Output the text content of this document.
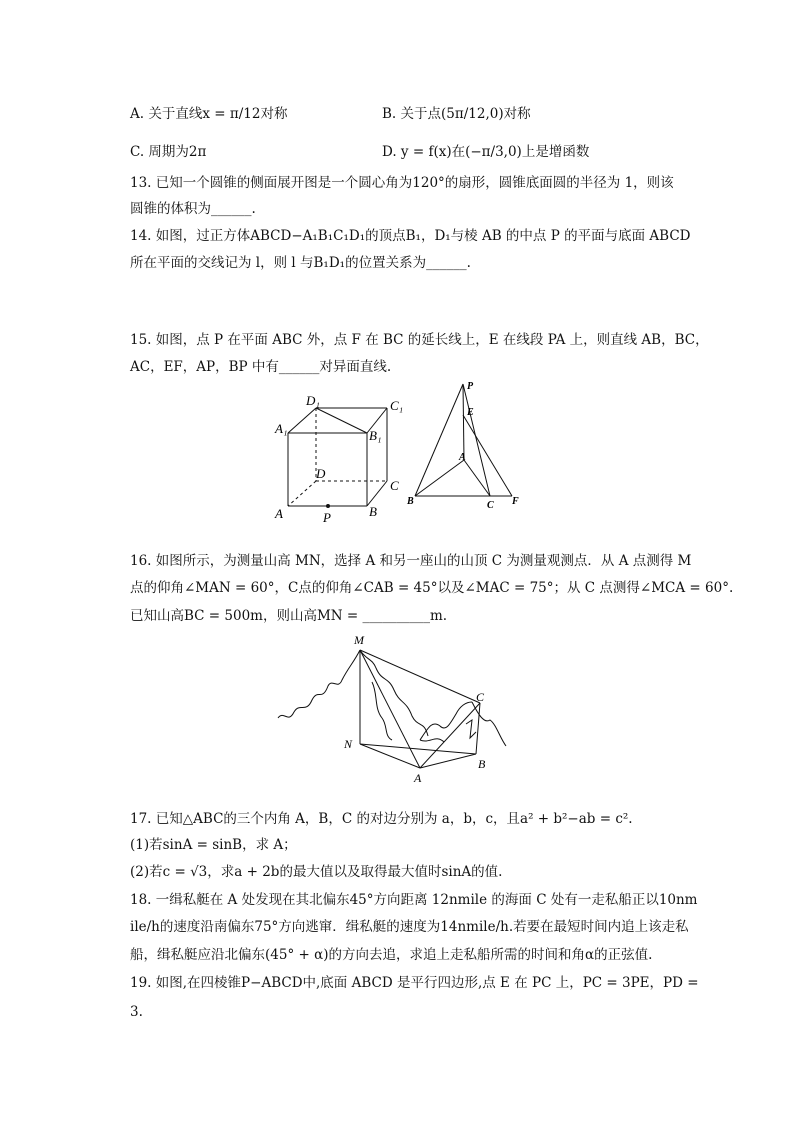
A. 关于直线x = π/12对称	B. 关于点(5π/12,0)对称
C. 周期为2π	D. y = f(x)在(−π/3,0)上是增函数
13. 已知一个圆锥的侧面展开图是一个圆心角为120°的扇形，圆锥底面圆的半径为 1，则该
圆锥的体积为______.
14. 如图，过正方体ABCD−A₁B₁C₁D₁的顶点B₁，D₁与棱 AB 的中点 P 的平面与底面 ABCD
所在平面的交线记为 l，则 l 与B₁D₁的位置关系为______.
15. 如图，点 P 在平面 ABC 外，点 F 在 BC 的延长线上，E 在线段 PA 上，则直线 AB，BC，
AC，EF，AP，BP 中有______对异面直线.
A₁
D₁	C₁
B₁
D
C
A	P	B
P
E
A
B	C F
16. 如图所示，为测量山高 MN，选择 A 和另一座山的山顶 C 为测量观测点．从 A 点测得 M
点的仰角∠MAN = 60°，C点的仰角∠CAB = 45°以及∠MAC = 75°；从 C 点测得∠MCA = 60°.
已知山高BC = 500m，则山高MN = __________m.
M
N
A
B
C
17. 已知△ABC的三个内角 A，B，C 的对边分别为 a，b，c，且a² + b²−ab = c².
(1)若sinA = sinB，求 A；
(2)若c = √3，求a + 2b的最大值以及取得最大值时sinA的值.
18. 一缉私艇在 A 处发现在其北偏东45°方向距离 12nmile 的海面 C 处有一走私船正以10nm
ile/h的速度沿南偏东75°方向逃窜．缉私艇的速度为14nmile/h.若要在最短时间内追上该走私
船，缉私艇应沿北偏东(45° + α)的方向去追，求追上走私船所需的时间和角α的正弦值.
19. 如图,在四棱锥P−ABCD中,底面 ABCD 是平行四边形,点 E 在 PC 上，PC = 3PE，PD =
3.
